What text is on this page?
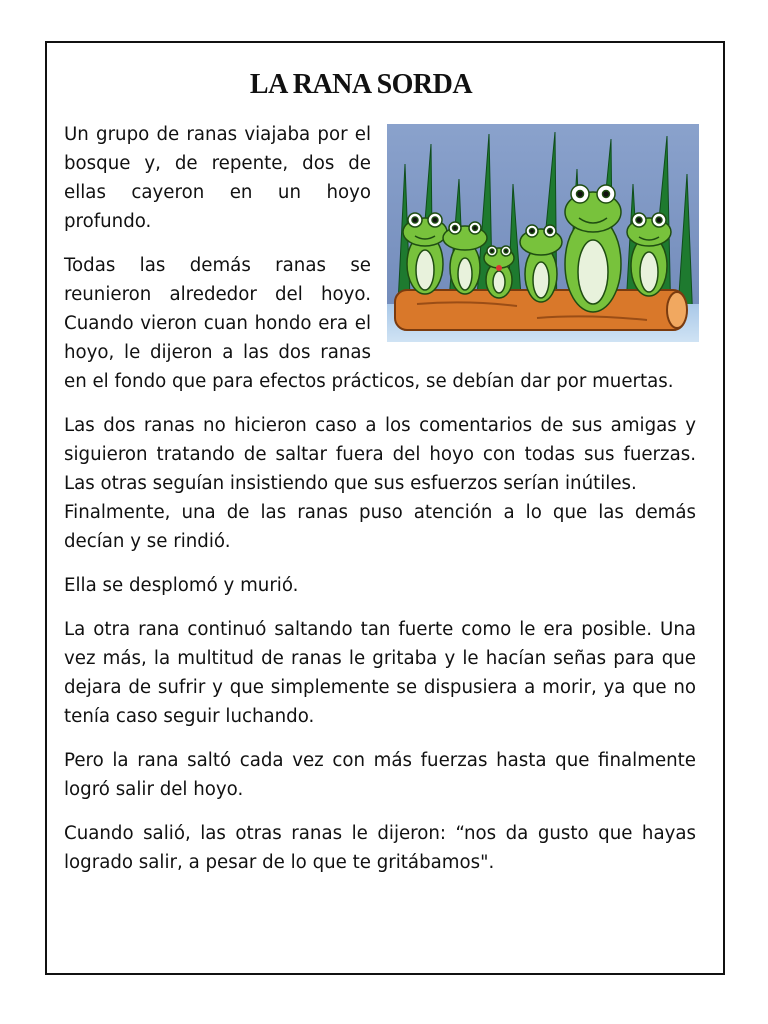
LA RANA SORDA

Un grupo de ranas viajaba por el bosque y, de repente, dos de ellas cayeron en un hoyo profundo.

Todas las demás ranas se reunieron alrededor del hoyo. Cuando vieron cuan hondo era el hoyo, le dijeron a las dos ranas en el fondo que para efectos prácticos, se debían dar por muertas.

Las dos ranas no hicieron caso a los comentarios de sus amigas y siguieron tratando de saltar fuera del hoyo con todas sus fuerzas.
Las otras seguían insistiendo que sus esfuerzos serían inútiles.
Finalmente, una de las ranas puso atención a lo que las demás decían y se rindió.

Ella se desplomó y murió.

La otra rana continuó saltando tan fuerte como le era posible. Una vez más, la multitud de ranas le gritaba y le hacían señas para que dejara de sufrir y que simplemente se dispusiera a morir, ya que no tenía caso seguir luchando.

Pero la rana saltó cada vez con más fuerzas hasta que finalmente logró salir del hoyo.

Cuando salió, las otras ranas le dijeron: “nos da gusto que hayas logrado salir, a pesar de lo que te gritábamos".
